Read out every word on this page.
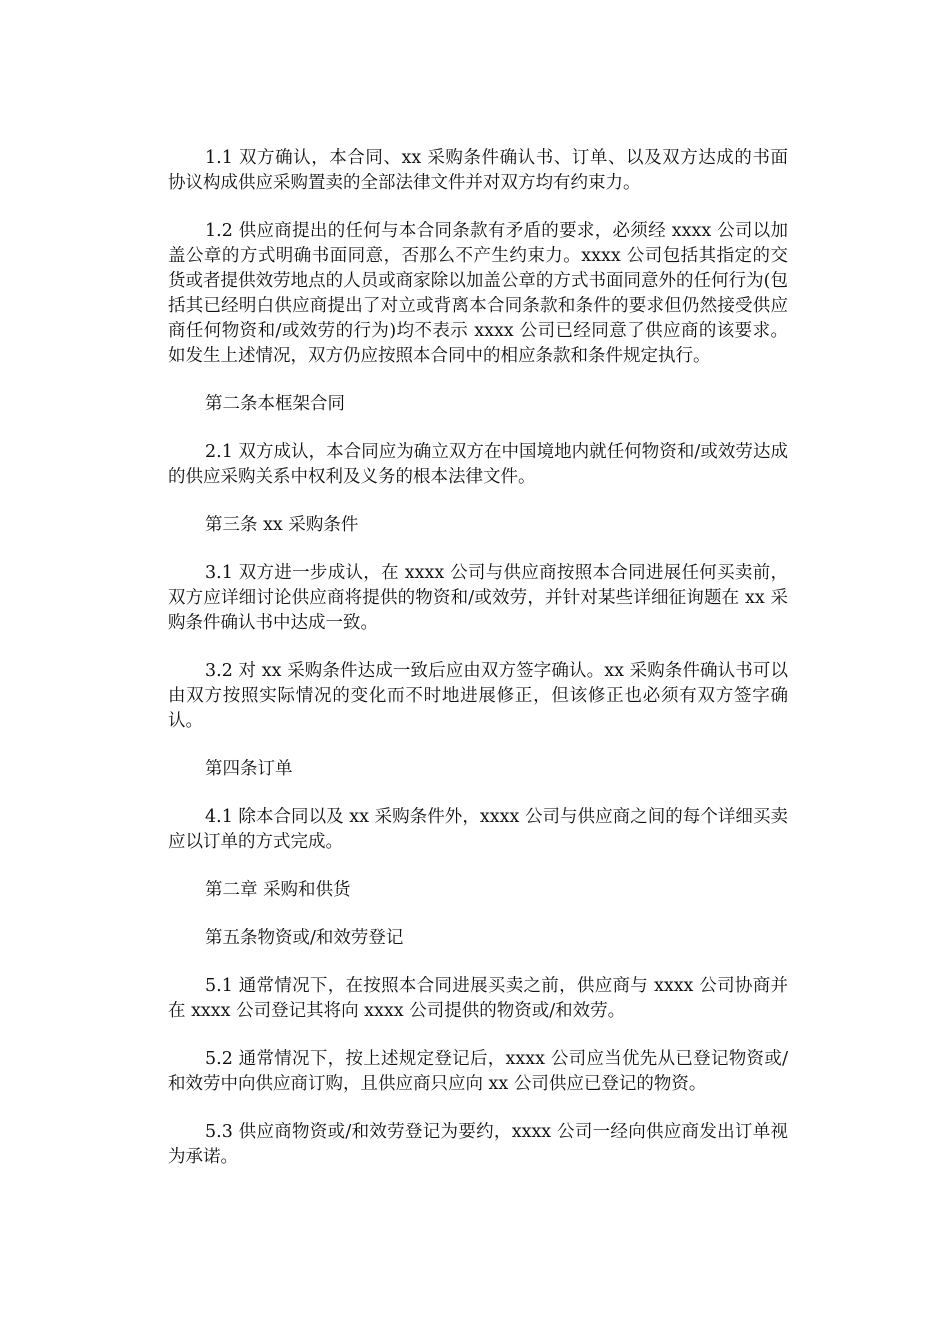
1.1 双方确认，本合同、xx 采购条件确认书、订单、以及双方达成的书面协议构成供应采购置卖的全部法律文件并对双方均有约束力。

1.2 供应商提出的任何与本合同条款有矛盾的要求，必须经 xxxx 公司以加盖公章的方式明确书面同意，否那么不产生约束力。xxxx 公司包括其指定的交货或者提供效劳地点的人员或商家除以加盖公章的方式书面同意外的任何行为(包括其已经明白供应商提出了对立或背离本合同条款和条件的要求但仍然接受供应商任何物资和/或效劳的行为)均不表示 xxxx 公司已经同意了供应商的该要求。如发生上述情况，双方仍应按照本合同中的相应条款和条件规定执行。

第二条本框架合同

2.1 双方成认，本合同应为确立双方在中国境地内就任何物资和/或效劳达成的供应采购关系中权利及义务的根本法律文件。

第三条 xx 采购条件

3.1 双方进一步成认，在 xxxx 公司与供应商按照本合同进展任何买卖前，双方应详细讨论供应商将提供的物资和/或效劳，并针对某些详细征询题在 xx 采购条件确认书中达成一致。

3.2 对 xx 采购条件达成一致后应由双方签字确认。xx 采购条件确认书可以由双方按照实际情况的变化而不时地进展修正，但该修正也必须有双方签字确认。

第四条订单

4.1 除本合同以及 xx 采购条件外，xxxx 公司与供应商之间的每个详细买卖应以订单的方式完成。

第二章 采购和供货

第五条物资或/和效劳登记

5.1 通常情况下，在按照本合同进展买卖之前，供应商与 xxxx 公司协商并在 xxxx 公司登记其将向 xxxx 公司提供的物资或/和效劳。

5.2 通常情况下，按上述规定登记后，xxxx 公司应当优先从已登记物资或/和效劳中向供应商订购，且供应商只应向 xx 公司供应已登记的物资。

5.3 供应商物资或/和效劳登记为要约，xxxx 公司一经向供应商发出订单视为承诺。
